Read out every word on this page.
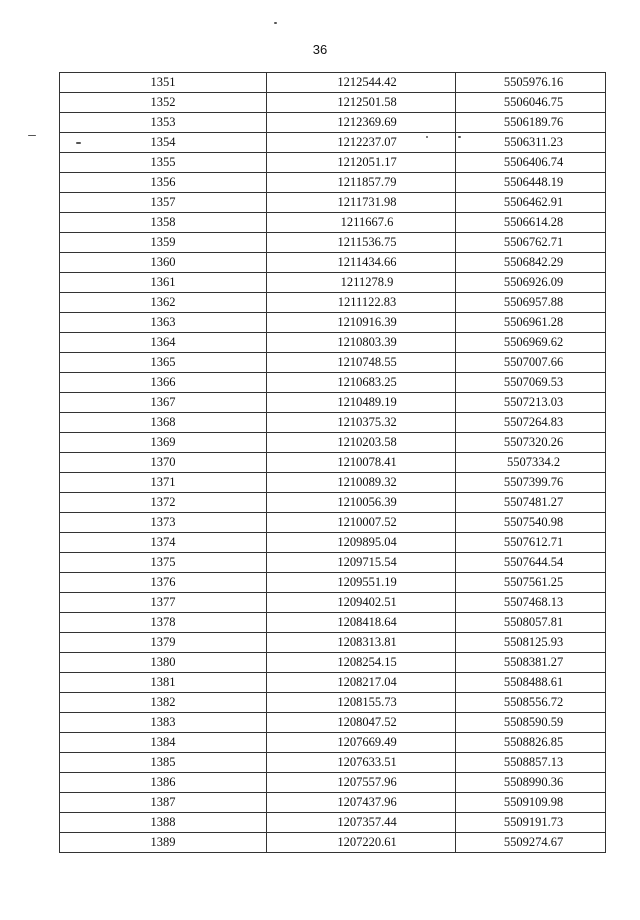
36
1351	1212544.42	5505976.16
1352	1212501.58	5506046.75
1353	1212369.69	5506189.76
1354	1212237.07	5506311.23
1355	1212051.17	5506406.74
1356	1211857.79	5506448.19
1357	1211731.98	5506462.91
1358	1211667.6	5506614.28
1359	1211536.75	5506762.71
1360	1211434.66	5506842.29
1361	1211278.9	5506926.09
1362	1211122.83	5506957.88
1363	1210916.39	5506961.28
1364	1210803.39	5506969.62
1365	1210748.55	5507007.66
1366	1210683.25	5507069.53
1367	1210489.19	5507213.03
1368	1210375.32	5507264.83
1369	1210203.58	5507320.26
1370	1210078.41	5507334.2
1371	1210089.32	5507399.76
1372	1210056.39	5507481.27
1373	1210007.52	5507540.98
1374	1209895.04	5507612.71
1375	1209715.54	5507644.54
1376	1209551.19	5507561.25
1377	1209402.51	5507468.13
1378	1208418.64	5508057.81
1379	1208313.81	5508125.93
1380	1208254.15	5508381.27
1381	1208217.04	5508488.61
1382	1208155.73	5508556.72
1383	1208047.52	5508590.59
1384	1207669.49	5508826.85
1385	1207633.51	5508857.13
1386	1207557.96	5508990.36
1387	1207437.96	5509109.98
1388	1207357.44	5509191.73
1389	1207220.61	5509274.67
